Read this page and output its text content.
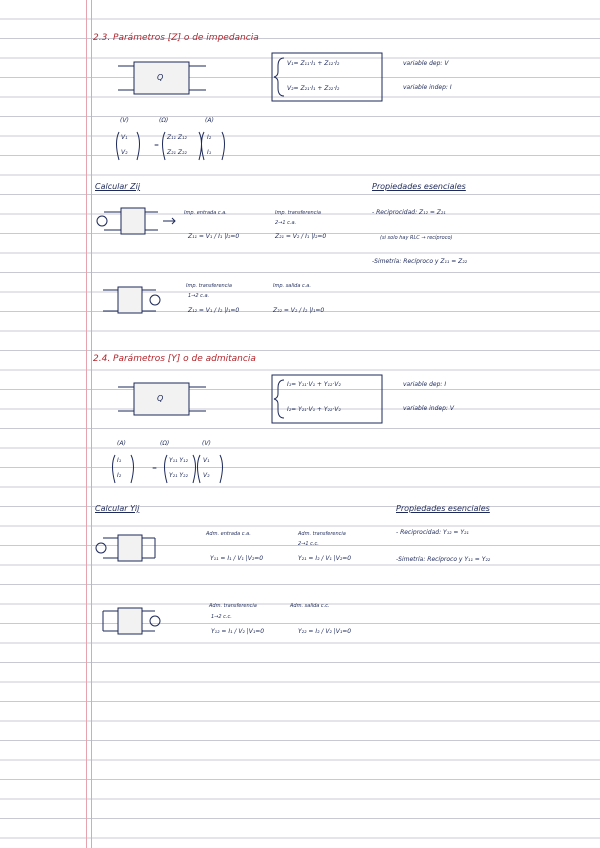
2.3. Parámetros [Z] o de impedancia
Q
V₁= Z₁₁·I₁ + Z₁₂·I₂
V₂= Z₂₁·I₁ + Z₂₂·I₂
variable dep: V
variable indep: I
(V)	(Ω)	(A)
V₁
V₂
=
Z₁₁ Z₁₂
Z₂₁ Z₂₂
I₂
I₁
Calcular Zij	Propiedades esenciales
- Reciprocidad: Z₁₂ = Z₂₁
(si solo hay RLC → recíproco)
-Simetría: Recíproco y Z₁₁ = Z₂₂
Imp. entrada c.a.
Z₁₁ = V₁ / I₁ |I₂=0
Imp. transferencia
2→1 c.a.
Z₂₁ = V₂ / I₁ |I₂=0
Imp. transferencia
1→2 c.a.
Z₁₂ = V₁ / I₂ |I₁=0
Imp. salida c.a.
Z₂₂ = V₂ / I₂ |I₁=0
2.4. Parámetros [Y] o de admitancia
Q
I₁= Y₁₁·V₁ + Y₁₂·V₂
I₂= Y₂₁·V₁ + Y₂₂·V₂
variable dep: I
variable indep: V
(A)	(Ω)	(V)
I₁
I₂
=
Y₁₁ Y₁₂
Y₂₁ Y₂₂
V₁
V₂
Calcular Yij	Propiedades esenciales
- Reciprocidad: Y₁₂ = Y₂₁
-Simetría: Recíproco y Y₁₁ = Y₂₂
Adm. entrada c.a.
Y₁₁ = I₁ / V₁ |V₂=0
Adm. transferencia
2→1 c.c.
Y₂₁ = I₂ / V₁ |V₂=0
Adm. transferencia
1→2 c.c.
Y₁₂ = I₁ / V₂ |V₁=0
Adm. salida c.c.
Y₂₂ = I₂ / V₂ |V₁=0
